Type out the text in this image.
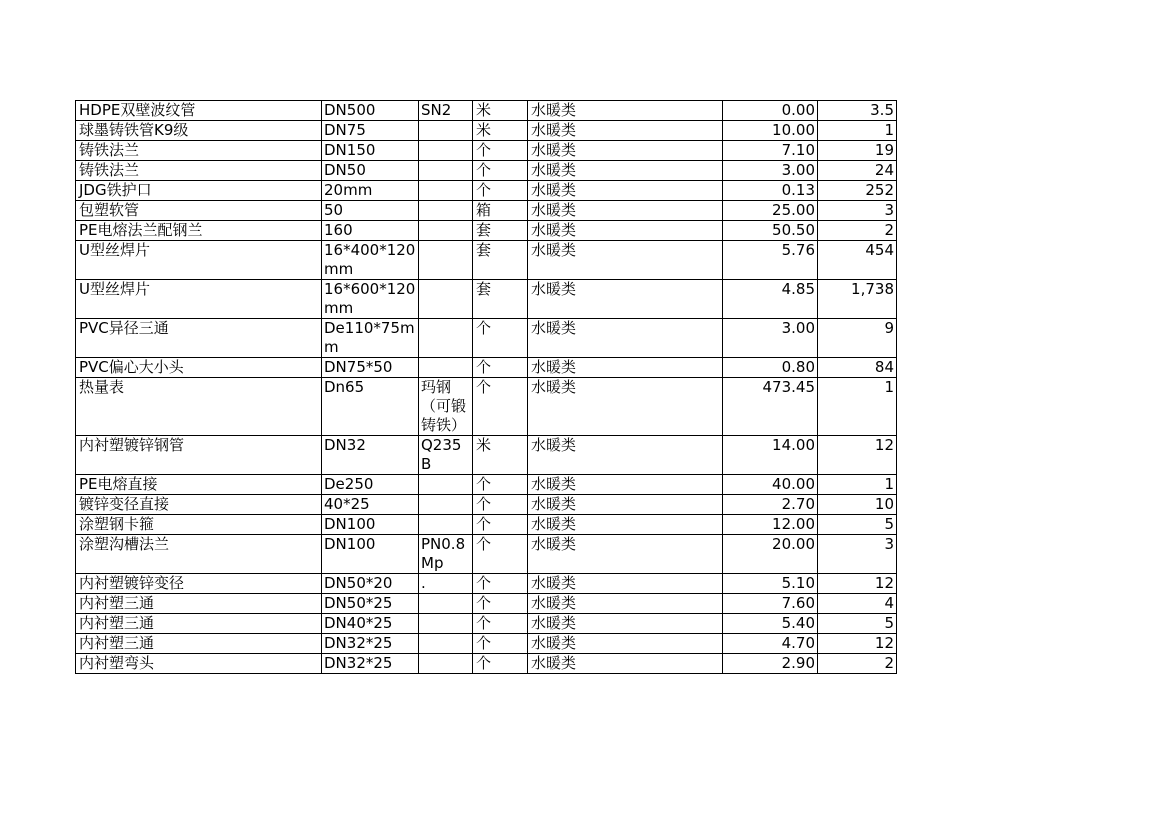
HDPE双壁波纹管	DN500	SN2	米	水暖类	0.00	3.5
球墨铸铁管K9级	DN75		米	水暖类	10.00	1
铸铁法兰	DN150		个	水暖类	7.10	19
铸铁法兰	DN50		个	水暖类	3.00	24
JDG铁护口	20mm		个	水暖类	0.13	252
包塑软管	50		箱	水暖类	25.00	3
PE电熔法兰配钢兰	160		套	水暖类	50.50	2
U型丝焊片	16*400*120mm		套	水暖类	5.76	454
U型丝焊片	16*600*120mm		套	水暖类	4.85	1,738
PVC异径三通	De110*75mm		个	水暖类	3.00	9
PVC偏心大小头	DN75*50		个	水暖类	0.80	84
热量表	Dn65	玛钢（可锻铸铁）	个	水暖类	473.45	1
内衬塑镀锌钢管	DN32	Q235B	米	水暖类	14.00	12
PE电熔直接	De250		个	水暖类	40.00	1
镀锌变径直接	40*25		个	水暖类	2.70	10
涂塑钢卡箍	DN100		个	水暖类	12.00	5
涂塑沟槽法兰	DN100	PN0.8Mp	个	水暖类	20.00	3
内衬塑镀锌变径	DN50*20	.	个	水暖类	5.10	12
内衬塑三通	DN50*25		个	水暖类	7.60	4
内衬塑三通	DN40*25		个	水暖类	5.40	5
内衬塑三通	DN32*25		个	水暖类	4.70	12
内衬塑弯头	DN32*25		个	水暖类	2.90	2
